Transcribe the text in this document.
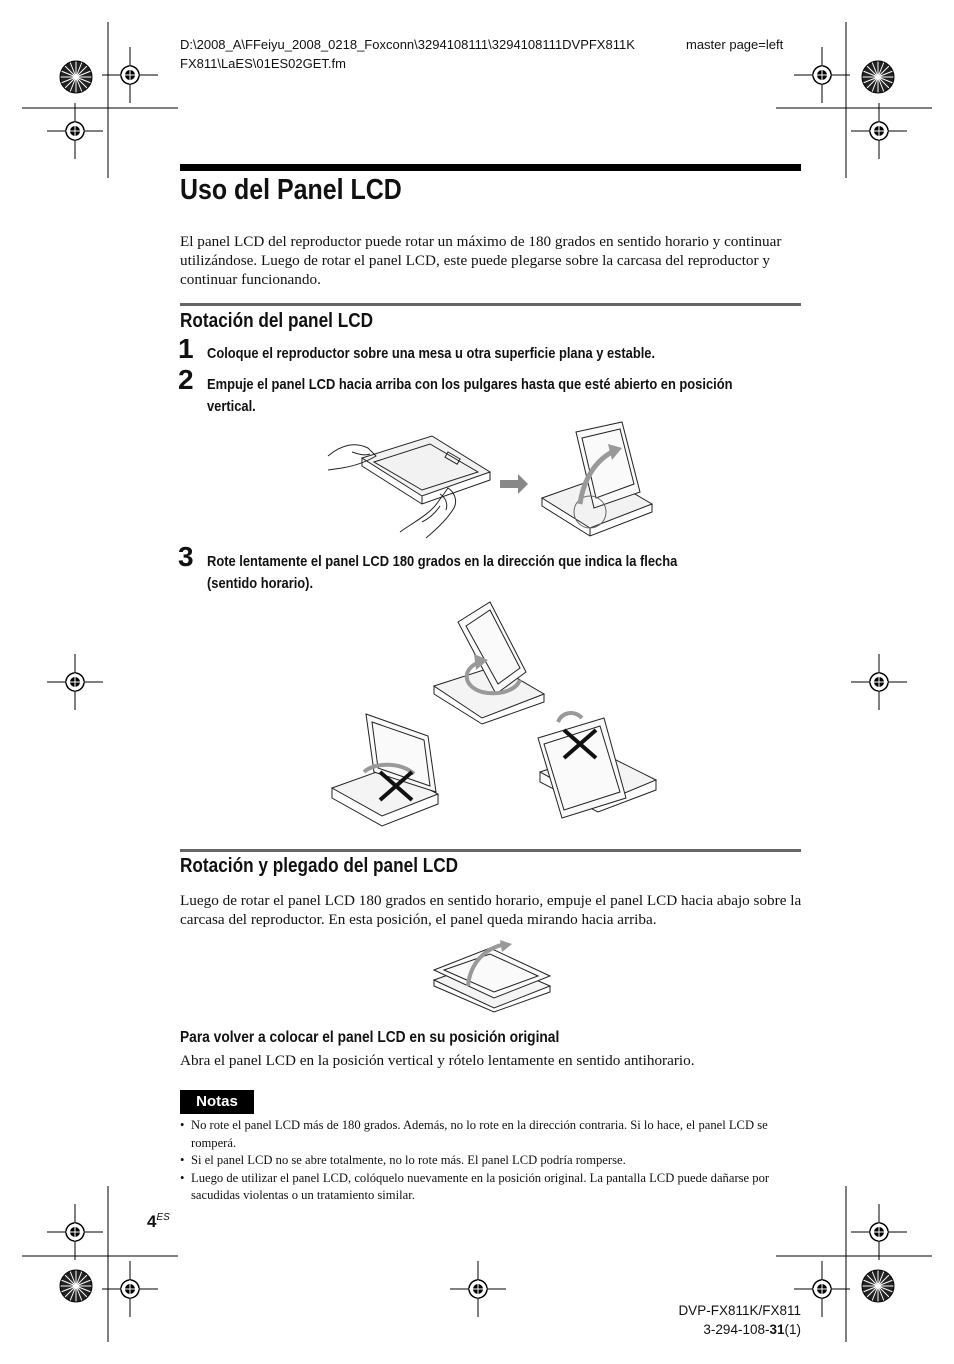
D:\2008_A\FFeiyu_2008_0218_Foxconn\3294108111\3294108111DVPFX811K	master page=left
FX811\LaES\01ES02GET.fm
Uso del Panel LCD
El panel LCD del reproductor puede rotar un máximo de 180 grados en sentido horario y continuar utilizándose. Luego de rotar el panel LCD, este puede plegarse sobre la carcasa del reproductor y continuar funcionando.
Rotación del panel LCD
1 Coloque el reproductor sobre una mesa u otra superficie plana y estable.
2 Empuje el panel LCD hacia arriba con los pulgares hasta que esté abierto en posición
vertical.
3 Rote lentamente el panel LCD 180 grados en la dirección que indica la flecha
(sentido horario).
Rotación y plegado del panel LCD
Luego de rotar el panel LCD 180 grados en sentido horario, empuje el panel LCD hacia abajo sobre la carcasa del reproductor. En esta posición, el panel queda mirando hacia arriba.
Para volver a colocar el panel LCD en su posición original
Abra el panel LCD en la posición vertical y rótelo lentamente en sentido antihorario.
Notas
• No rote el panel LCD más de 180 grados. Además, no lo rote en la dirección contraria. Si lo hace, el panel LCD se romperá.
• Si el panel LCD no se abre totalmente, no lo rote más. El panel LCD podría romperse.
• Luego de utilizar el panel LCD, colóquelo nuevamente en la posición original. La pantalla LCD puede dañarse por sacudidas violentas o un tratamiento similar.
$4^{ES}$
DVP-FX811K/FX811
3-294-108-31(1)
